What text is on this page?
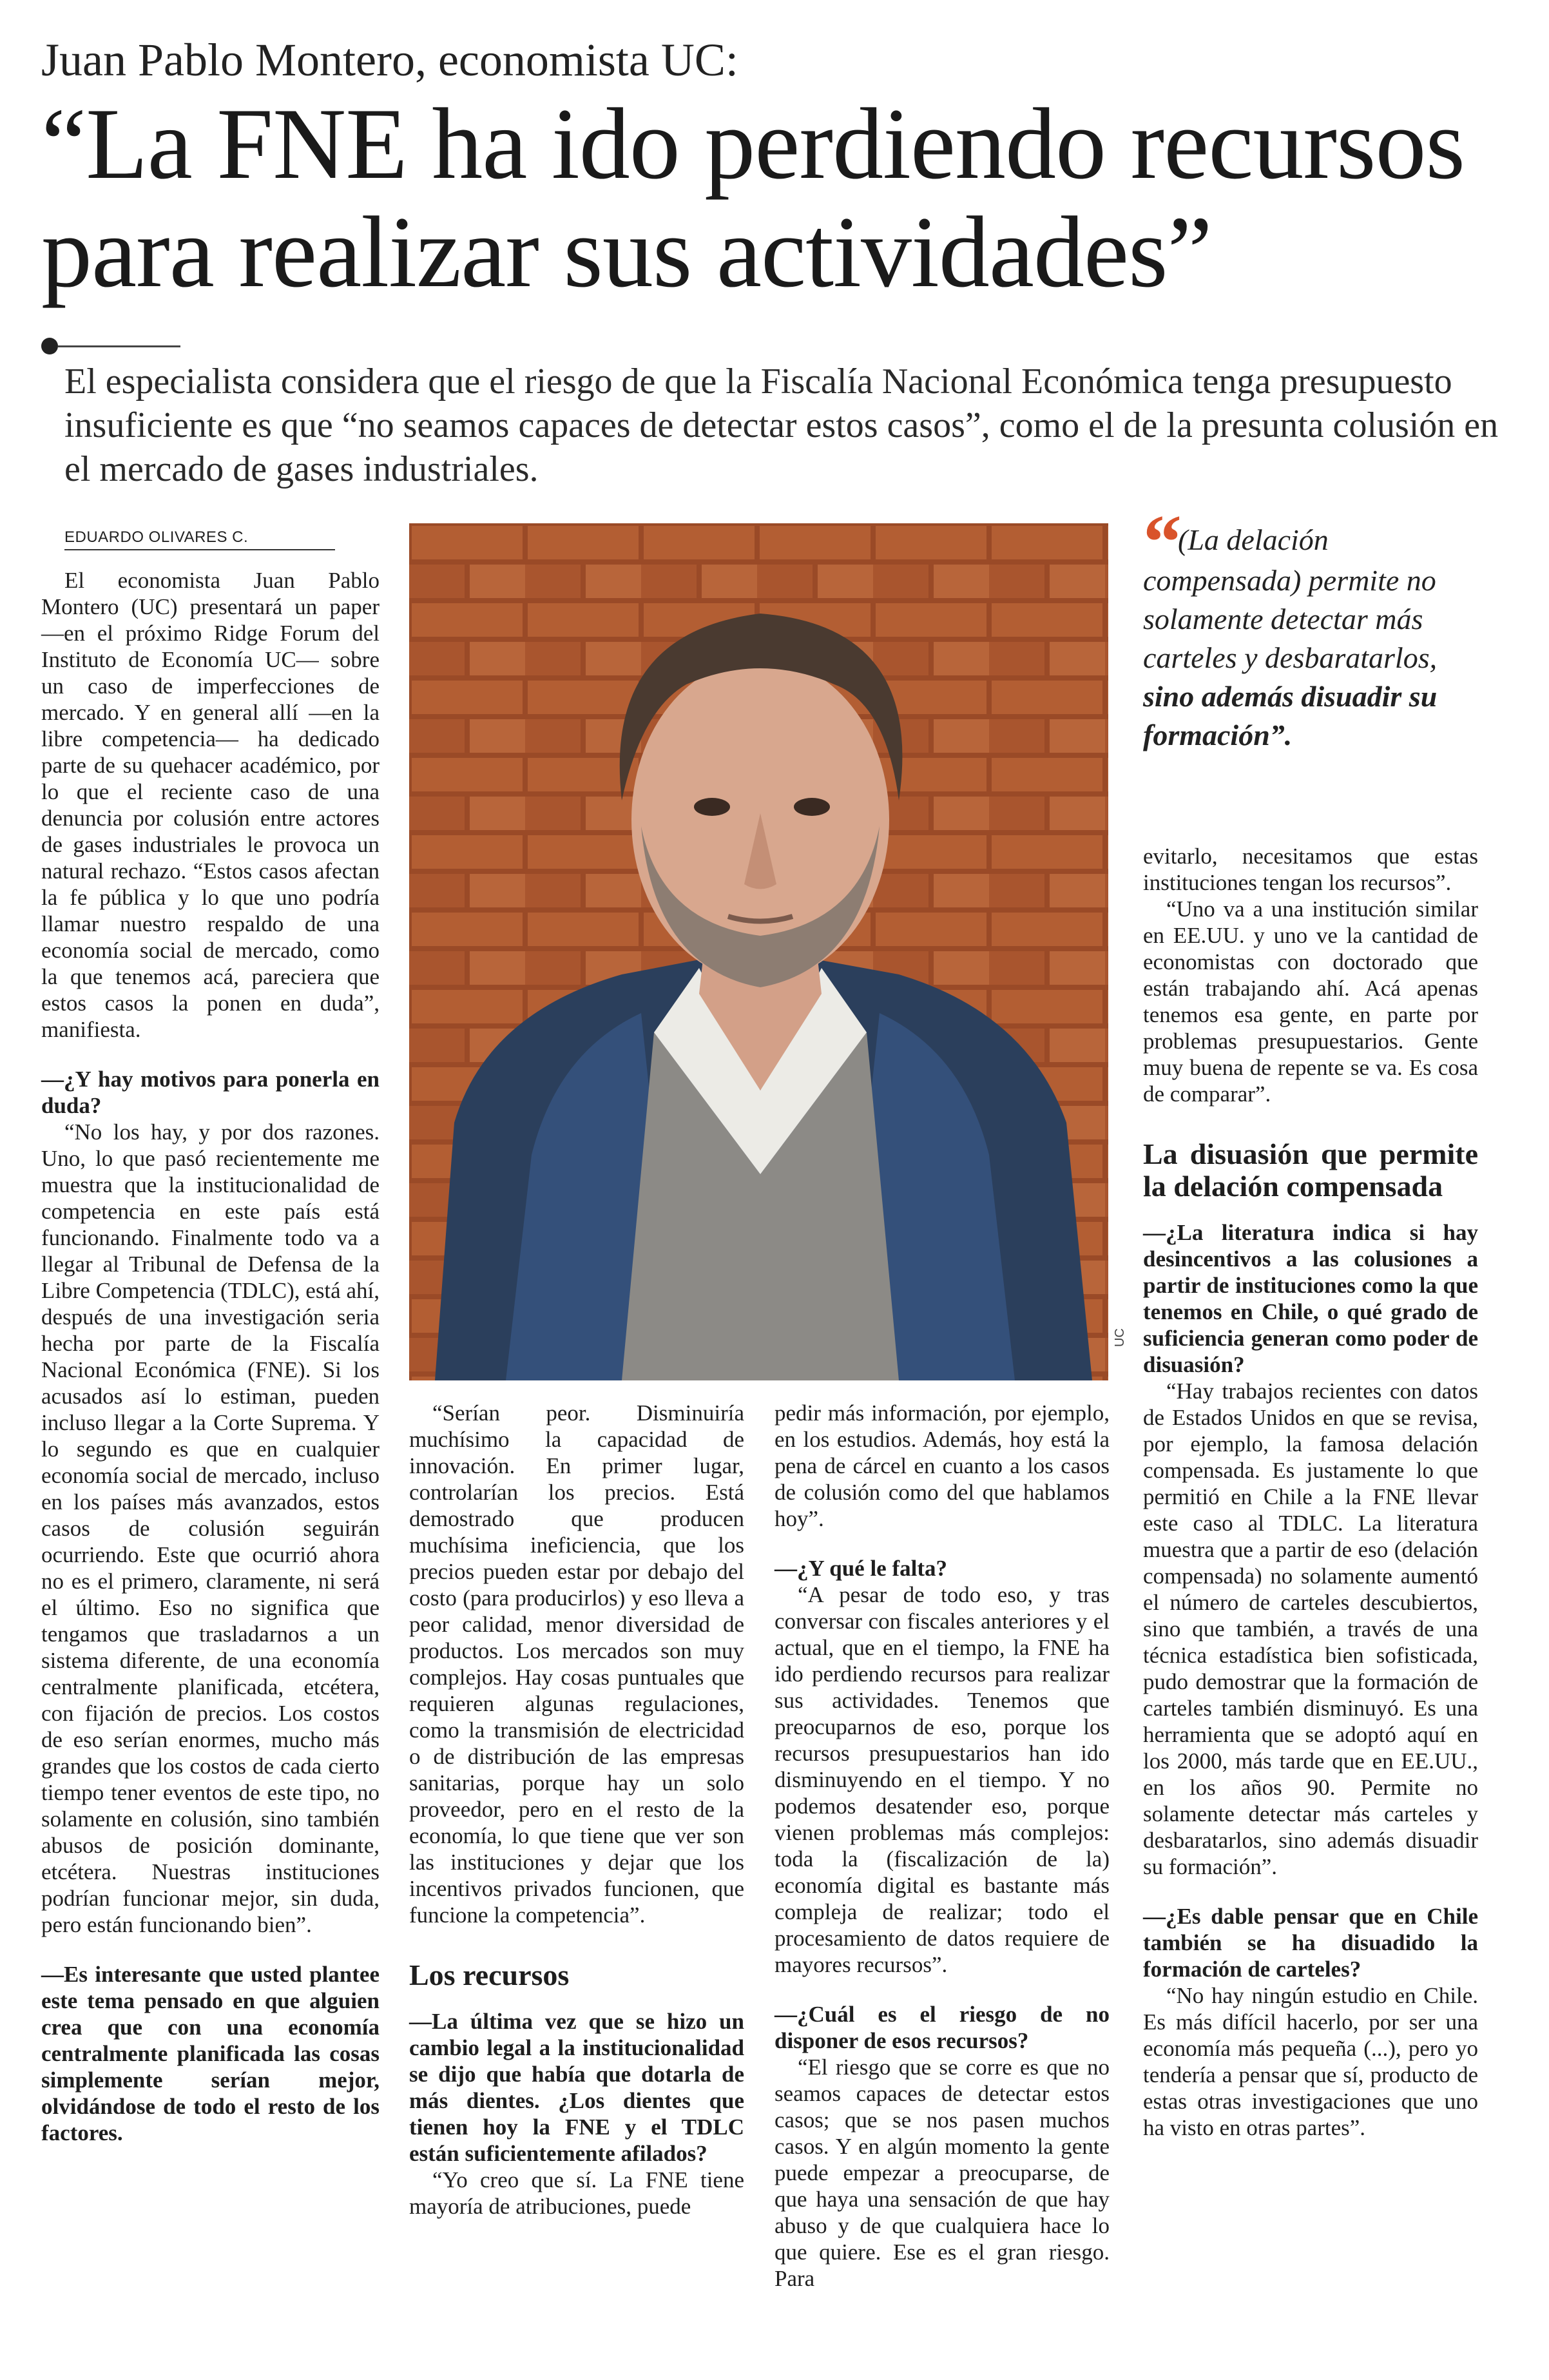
Juan Pablo Montero, economista UC:
“La FNE ha ido perdiendo recursos para realizar sus actividades”
El especialista considera que el riesgo de que la Fiscalía Nacional Económica tenga presupuesto insuficiente es que “no seamos capaces de detectar estos casos”, como el de la presunta colusión en el mercado de gases industriales.
EDUARDO OLIVARES C.

El economista Juan Pablo Montero (UC) presentará un paper —en el próximo Ridge Forum del Instituto de Economía UC— sobre un caso de imperfecciones de mercado. Y en general allí —en la libre competencia— ha dedicado parte de su quehacer académico, por lo que el reciente caso de una denuncia por colusión entre actores de gases industriales le provoca un natural rechazo. “Estos casos afectan la fe pública y lo que uno podría llamar nuestro respaldo de una economía social de mercado, como la que tenemos acá, pareciera que estos casos la ponen en duda”, manifiesta.

—¿Y hay motivos para ponerla en duda?

“No los hay, y por dos razones. Uno, lo que pasó recientemente me muestra que la institucionalidad de competencia en este país está funcionando. Finalmente todo va a llegar al Tribunal de Defensa de la Libre Competencia (TDLC), está ahí, después de una investigación seria hecha por parte de la Fiscalía Nacional Económica (FNE). Si los acusados así lo estiman, pueden incluso llegar a la Corte Suprema. Y lo segundo es que en cualquier economía social de mercado, incluso en los países más avanzados, estos casos de colusión seguirán ocurriendo. Este que ocurrió ahora no es el primero, claramente, ni será el último. Eso no significa que tengamos que trasladarnos a un sistema diferente, de una economía centralmente planificada, etcétera, con fijación de precios. Los costos de eso serían enormes, mucho más grandes que los costos de cada cierto tiempo tener eventos de este tipo, no solamente en colusión, sino también abusos de posición dominante, etcétera. Nuestras instituciones podrían funcionar mejor, sin duda, pero están funcionando bien”.

—Es interesante que usted plantee este tema pensado en que alguien crea que con una economía centralmente planificada las cosas simplemente serían mejor, olvidándose de todo el resto de los factores.

UC
“ (La delación compensada) permite no solamente detectar más carteles y desbaratarlos, sino además disuadir su formación”.

“Serían peor. Disminuiría muchísimo la capacidad de innovación. En primer lugar, controlarían los precios. Está demostrado que producen muchísima ineficiencia, que los precios pueden estar por debajo del costo (para producirlos) y eso lleva a peor calidad, menor diversidad de productos. Los mercados son muy complejos. Hay cosas puntuales que requieren algunas regulaciones, como la transmisión de electricidad o de distribución de las empresas sanitarias, porque hay un solo proveedor, pero en el resto de la economía, lo que tiene que ver son las instituciones y dejar que los incentivos privados funcionen, que funcione la competencia”.

Los recursos

—La última vez que se hizo un cambio legal a la institucionalidad se dijo que había que dotarla de más dientes. ¿Los dientes que tienen hoy la FNE y el TDLC están suficientemente afilados?

“Yo creo que sí. La FNE tiene mayoría de atribuciones, puede

pedir más información, por ejemplo, en los estudios. Además, hoy está la pena de cárcel en cuanto a los casos de colusión como del que hablamos hoy”.

—¿Y qué le falta?

“A pesar de todo eso, y tras conversar con fiscales anteriores y el actual, que en el tiempo, la FNE ha ido perdiendo recursos para realizar sus actividades. Tenemos que preocuparnos de eso, porque los recursos presupuestarios han ido disminuyendo en el tiempo. Y no podemos desatender eso, porque vienen problemas más complejos: toda la (fiscalización de la) economía digital es bastante más compleja de realizar; todo el procesamiento de datos requiere de mayores recursos”.

—¿Cuál es el riesgo de no disponer de esos recursos?

“El riesgo que se corre es que no seamos capaces de detectar estos casos; que se nos pasen muchos casos. Y en algún momento la gente puede empezar a preocuparse, de que haya una sensación de que hay abuso y de que cualquiera hace lo que quiere. Ese es el gran riesgo. Para

evitarlo, necesitamos que estas instituciones tengan los recursos”.

“Uno va a una institución similar en EE.UU. y uno ve la cantidad de economistas con doctorado que están trabajando ahí. Acá apenas tenemos esa gente, en parte por problemas presupuestarios. Gente muy buena de repente se va. Es cosa de comparar”.

La disuasión que permite la delación compensada

—¿La literatura indica si hay desincentivos a las colusiones a partir de instituciones como la que tenemos en Chile, o qué grado de suficiencia generan como poder de disuasión?

“Hay trabajos recientes con datos de Estados Unidos en que se revisa, por ejemplo, la famosa delación compensada. Es justamente lo que permitió en Chile a la FNE llevar este caso al TDLC. La literatura muestra que a partir de eso (delación compensada) no solamente aumentó el número de carteles descubiertos, sino que también, a través de una técnica estadística bien sofisticada, pudo demostrar que la formación de carteles también disminuyó. Es una herramienta que se adoptó aquí en los 2000, más tarde que en EE.UU., en los años 90. Permite no solamente detectar más carteles y desbaratarlos, sino además disuadir su formación”.

—¿Es dable pensar que en Chile también se ha disuadido la formación de carteles?

“No hay ningún estudio en Chile. Es más difícil hacerlo, por ser una economía más pequeña (...), pero yo tendería a pensar que sí, producto de estas otras investigaciones que uno ha visto en otras partes”.
